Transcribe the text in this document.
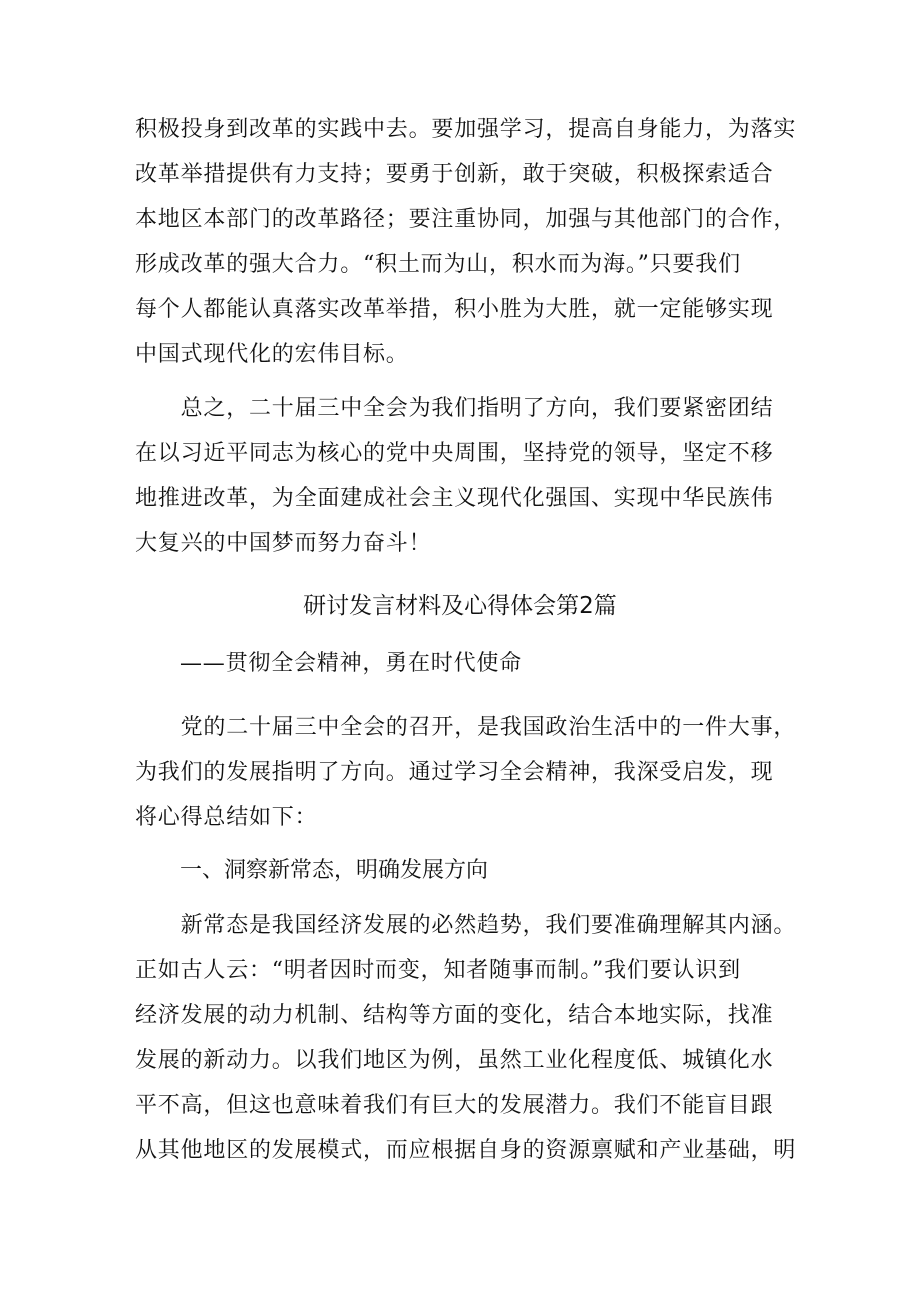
积极投身到改革的实践中去。要加强学习，提高自身能力，为落实
改革举措提供有力支持；要勇于创新，敢于突破，积极探索适合
本地区本部门的改革路径；要注重协同，加强与其他部门的合作，
形成改革的强大合力。“积土而为山，积水而为海。”只要我们
每个人都能认真落实改革举措，积小胜为大胜，就一定能够实现
中国式现代化的宏伟目标。

　　总之，二十届三中全会为我们指明了方向，我们要紧密团结
在以习近平同志为核心的党中央周围，坚持党的领导，坚定不移
地推进改革，为全面建成社会主义现代化强国、实现中华民族伟
大复兴的中国梦而努力奋斗！

研讨发言材料及心得体会第2篇

——贯彻全会精神，勇在时代使命

　　党的二十届三中全会的召开，是我国政治生活中的一件大事，
为我们的发展指明了方向。通过学习全会精神，我深受启发，现
将心得总结如下：

一、洞察新常态，明确发展方向

　　新常态是我国经济发展的必然趋势，我们要准确理解其内涵。
正如古人云：“明者因时而变，知者随事而制。”我们要认识到
经济发展的动力机制、结构等方面的变化，结合本地实际，找准
发展的新动力。以我们地区为例，虽然工业化程度低、城镇化水
平不高，但这也意味着我们有巨大的发展潜力。我们不能盲目跟
从其他地区的发展模式，而应根据自身的资源禀赋和产业基础，明
